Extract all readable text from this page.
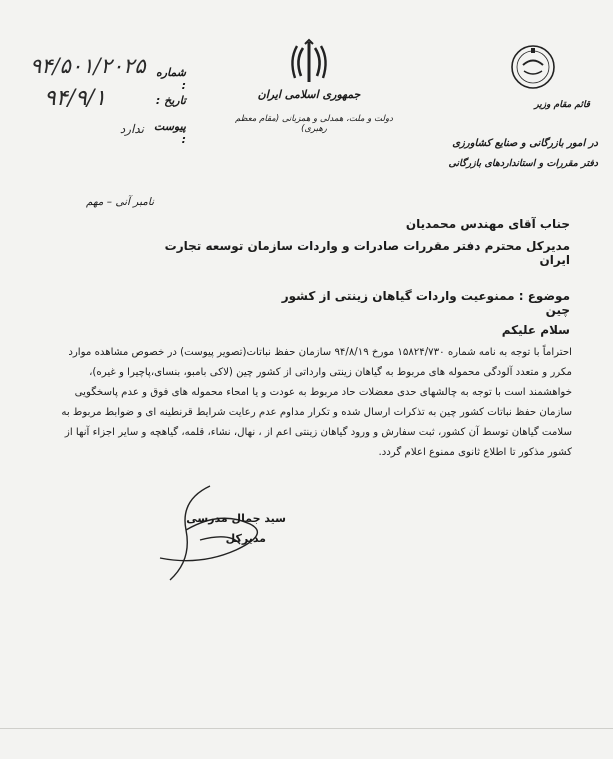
قائم مقام وزیر
در امور بازرگانی و صنایع کشاورزی
دفتر مقررات و استانداردهای بازرگانی
جمهوری اسلامی ایران
دولت و ملت، همدلی و همزبانی (مقام معظم رهبری)
شماره :
تاریخ :
پیوست :
۹۴/۵۰۱/۲۰۲۵
۹۴/۹/۱
ندارد
نامبر آنی – مهم
جناب آقای مهندس محمدیان
مدیرکل محترم دفتر مقررات صادرات و واردات سازمان توسعه تجارت ایران
موضوع : ممنوعیت واردات گیاهان زینتی از کشور چین
سلام علیکم

احتراماً با توجه به نامه شماره ۱۵۸۲۴/۷۳۰ مورخ ۹۴/۸/۱۹ سازمان حفظ نباتات(تصویر پیوست) در خصوص مشاهده موارد

مکرر و متعدد آلودگی محموله های مربوط به گیاهان زینتی وارداتی از کشور چین (لاکی بامبو، بنسای،پاچیرا و غیره)،

خواهشمند است با توجه به چالشهای حدی معضلات حاد مربوط به عودت و یا امحاء محموله های فوق و عدم پاسخگویی

سازمان حفظ نباتات کشور چین به تذکرات ارسال شده و تکرار مداوم عدم رعایت شرایط قرنطینه ای و ضوابط مربوط به

سلامت گیاهان توسط آن کشور، ثبت سفارش و ورود گیاهان زینتی اعم از ، نهال، نشاء، قلمه، گیاهچه و سایر اجزاء آنها از

کشور مذکور تا اطلاع ثانوی ممنوع اعلام گردد.

سید جمال مدرسی
مدیرکل
